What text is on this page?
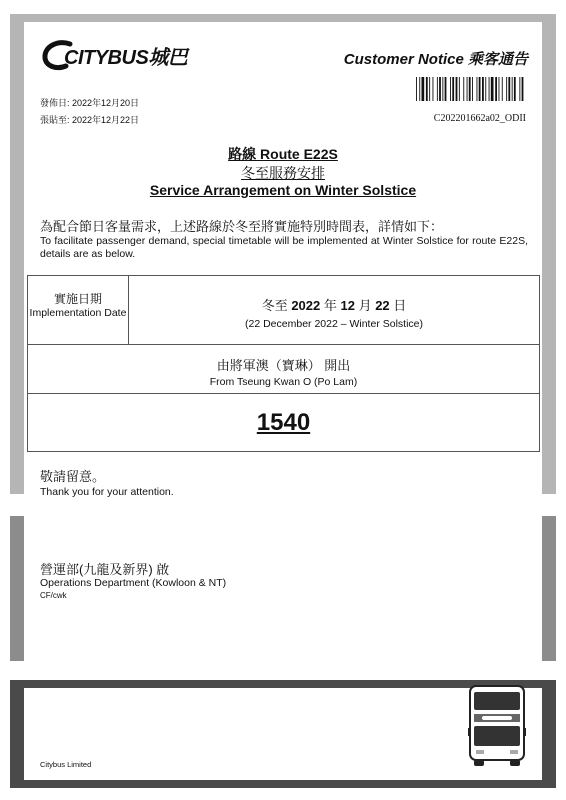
CITYBUS城巴	Customer Notice 乘客通告
發佈日: 2022年12月20日
張貼至: 2022年12月22日	C202201662a02_ODII
路線 Route E22S
冬至服務安排
Service Arrangement on Winter Solstice
為配合節日客量需求，上述路線於冬至將實施特別時間表，詳情如下：
To facilitate passenger demand, special timetable will be implemented at Winter Solstice for route E22S, details are as below.
實施日期
Implementation Date	冬至 2022 年 12 月 22 日
(22 December 2022 – Winter Solstice)
由將軍澳（寶琳） 開出
From Tseung Kwan O (Po Lam)
1540
敬請留意。
Thank you for your attention.
營運部(九龍及新界) 啟
Operations Department (Kowloon & NT)
CF/cwk
Citybus Limited
